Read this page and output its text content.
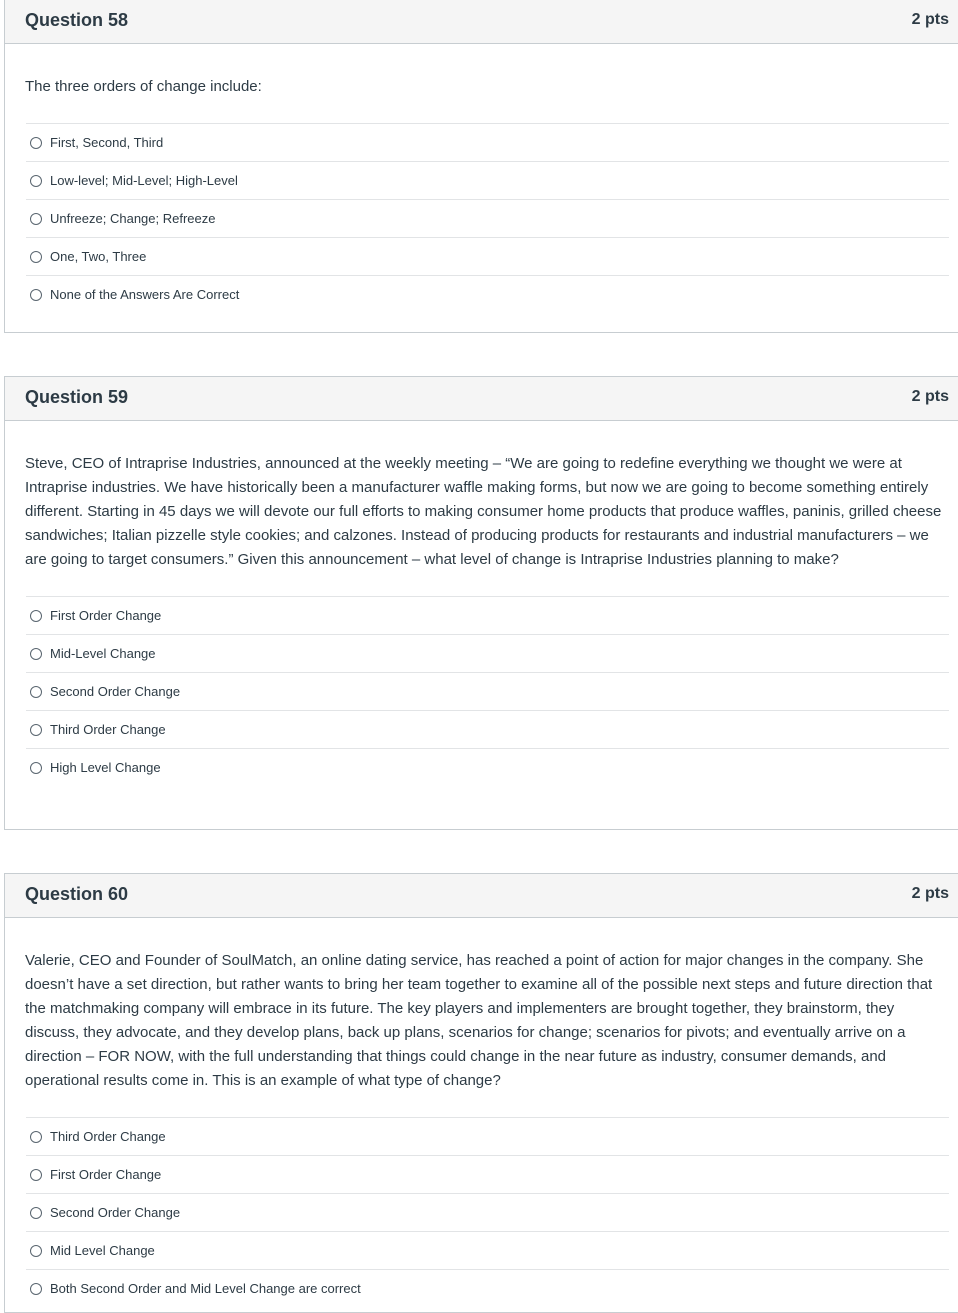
Question 58	2 pts
The three orders of change include:
First, Second, Third
Low-level; Mid-Level; High-Level
Unfreeze; Change; Refreeze
One, Two, Three
None of the Answers Are Correct
Question 59	2 pts
Steve, CEO of Intraprise Industries, announced at the weekly meeting – “We are going to redefine everything we thought we were at Intraprise industries. We have historically been a manufacturer waffle making forms, but now we are going to become something entirely different. Starting in 45 days we will devote our full efforts to making consumer home products that produce waffles, paninis, grilled cheese sandwiches; Italian pizzelle style cookies; and calzones. Instead of producing products for restaurants and industrial manufacturers – we are going to target consumers.” Given this announcement – what level of change is Intraprise Industries planning to make?
First Order Change
Mid-Level Change
Second Order Change
Third Order Change
High Level Change
Question 60	2 pts
Valerie, CEO and Founder of SoulMatch, an online dating service, has reached a point of action for major changes in the company. She doesn’t have a set direction, but rather wants to bring her team together to examine all of the possible next steps and future direction that the matchmaking company will embrace in its future. The key players and implementers are brought together, they brainstorm, they discuss, they advocate, and they develop plans, back up plans, scenarios for change; scenarios for pivots; and eventually arrive on a direction – FOR NOW, with the full understanding that things could change in the near future as industry, consumer demands, and operational results come in. This is an example of what type of change?
Third Order Change
First Order Change
Second Order Change
Mid Level Change
Both Second Order and Mid Level Change are correct
